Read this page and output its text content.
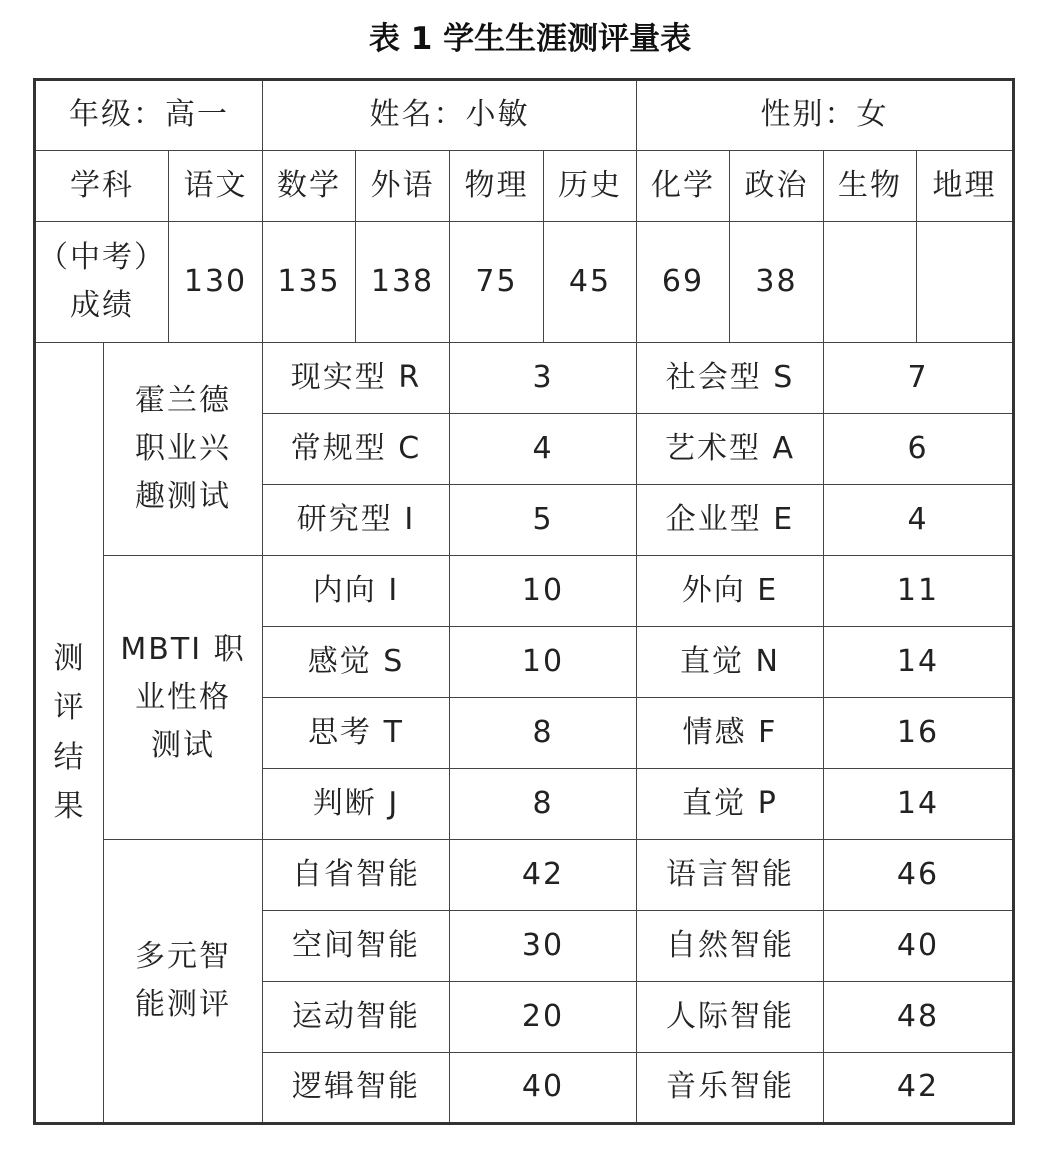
表 1 学生生涯测评量表
年级：高一			姓名：小敏				性别：女			
学科		语文	数学	外语	物理	历史	化学	政治	生物	地理

（中考）
成绩		130	135	138	75	45	69	38		

测
评
结
果	霍兰德
职业兴
趣测试		现实型 R		3		社会型 S		7	
			常规型 C		4		艺术型 A		6	
			研究型 I		5		企业型 E		4	

	MBTI 职
业性格
测试		内向 I		10		外向 E		11	
			感觉 S		10		直觉 N		14	
			思考 T		8		情感 F		16	
			判断 J		8		直觉 P		14	

	多元智
能测评		自省智能		42		语言智能		46	
			空间智能		30		自然智能		40	
			运动智能		20		人际智能		48	
			逻辑智能		40		音乐智能		42	
